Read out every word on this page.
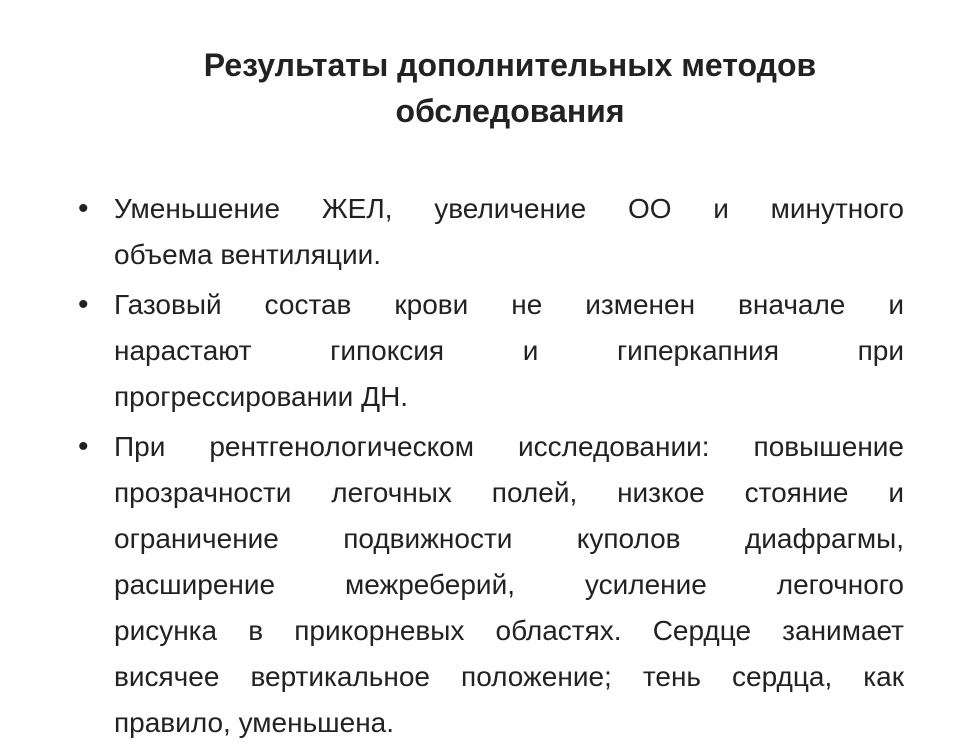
Результаты дополнительных методов
обследования
• Уменьшение ЖЕЛ, увеличение ОО и минутного
объема вентиляции.
• Газовый состав крови не изменен вначале и
нарастают гипоксия и гиперкапния при
прогрессировании ДН.
• При рентгенологическом исследовании: повышение
прозрачности легочных полей, низкое стояние и
ограничение подвижности куполов диафрагмы,
расширение межреберий, усиление легочного
рисунка в прикорневых областях. Сердце занимает
висячее вертикальное положение; тень сердца, как
правило, уменьшена.
